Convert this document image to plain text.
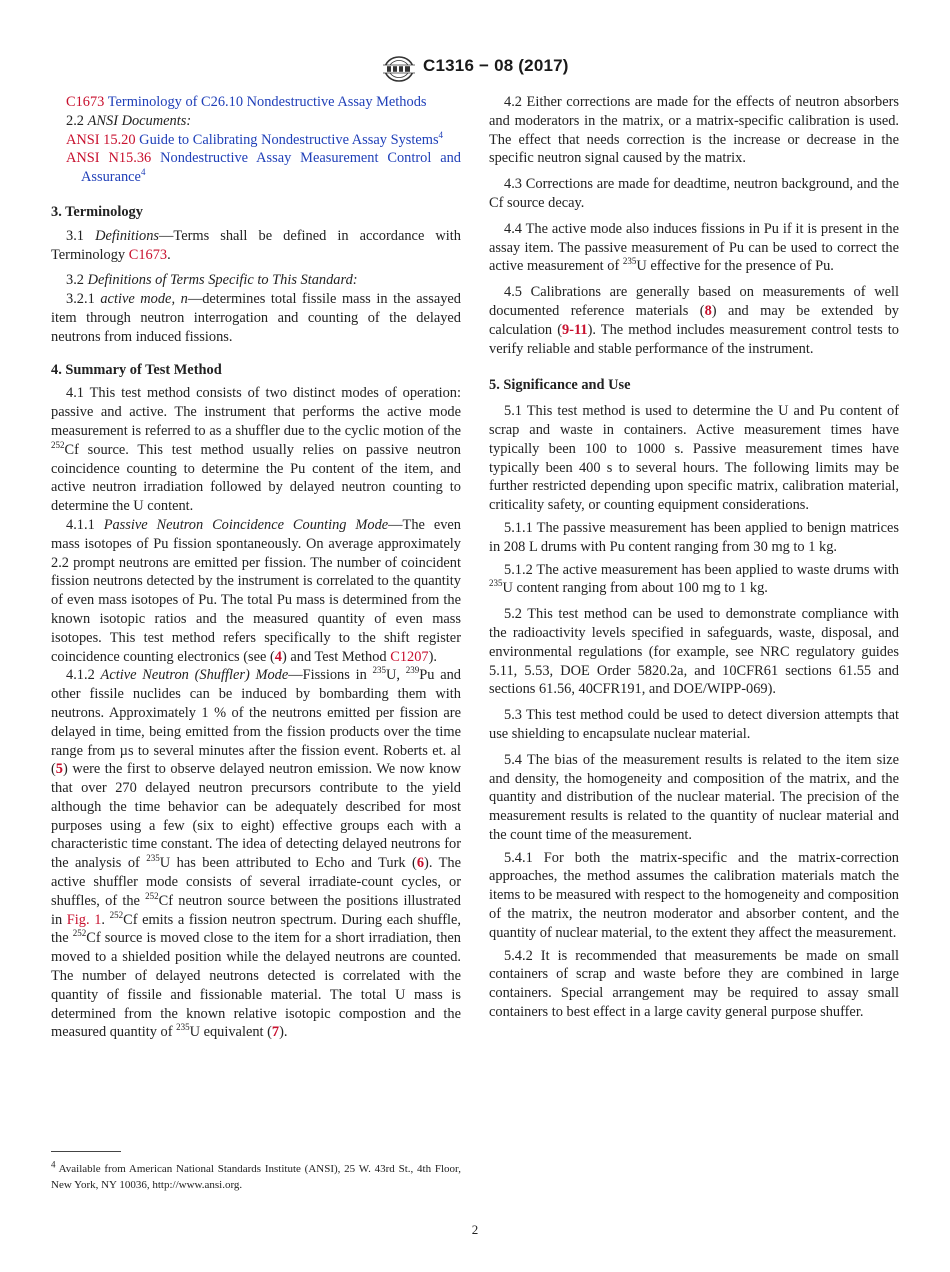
C1316 − 08 (2017)

C1673 Terminology of C26.10 Nondestructive Assay Methods

2.2 ANSI Documents:

ANSI 15.20 Guide to Calibrating Nondestructive Assay Systems$^4$

ANSI N15.36 Nondestructive Assay Measurement Control and Assurance$^4$

3. Terminology

3.1 Definitions—Terms shall be defined in accordance with Terminology C1673.

3.2 Definitions of Terms Specific to This Standard:

3.2.1 active mode, n—determines total fissile mass in the assayed item through neutron interrogation and counting of the delayed neutrons from induced fissions.

4. Summary of Test Method

4.1 This test method consists of two distinct modes of operation: passive and active. The instrument that performs the active mode measurement is referred to as a shuffler due to the cyclic motion of the $^{252}$Cf source. This test method usually relies on passive neutron coincidence counting to determine the Pu content of the item, and active neutron irradiation followed by delayed neutron counting to determine the U content.

4.1.1 Passive Neutron Coincidence Counting Mode—The even mass isotopes of Pu fission spontaneously. On average approximately 2.2 prompt neutrons are emitted per fission. The number of coincident fission neutrons detected by the instrument is correlated to the quantity of even mass isotopes of Pu. The total Pu mass is determined from the known isotopic ratios and the measured quantity of even mass isotopes. This test method refers specifically to the shift register coincidence counting electronics (see (4) and Test Method C1207).

4.1.2 Active Neutron (Shuffler) Mode—Fissions in $^{235}$U, $^{239}$Pu and other fissile nuclides can be induced by bombarding them with neutrons. Approximately 1 % of the neutrons emitted per fission are delayed in time, being emitted from the fission products over the time range from µs to several minutes after the fission event. Roberts et. al (5) were the first to observe delayed neutron emission. We now know that over 270 delayed neutron precursors contribute to the yield although the time behavior can be adequately described for most purposes using a few (six to eight) effective groups each with a characteristic time constant. The idea of detecting delayed neutrons for the analysis of $^{235}$U has been attributed to Echo and Turk (6). The active shuffler mode consists of several irradiate-count cycles, or shuffles, of the $^{252}$Cf neutron source between the positions illustrated in Fig. 1. $^{252}$Cf emits a fission neutron spectrum. During each shuffle, the $^{252}$Cf source is moved close to the item for a short irradiation, then moved to a shielded position while the delayed neutrons are counted. The number of delayed neutrons detected is correlated with the quantity of fissile and fissionable material. The total U mass is determined from the known relative isotopic compostion and the measured quantity of $^{235}$U equivalent (7).

4.2 Either corrections are made for the effects of neutron absorbers and moderators in the matrix, or a matrix-specific calibration is used. The effect that needs correction is the increase or decrease in the specific neutron signal caused by the matrix.

4.3 Corrections are made for deadtime, neutron background, and the Cf source decay.

4.4 The active mode also induces fissions in Pu if it is present in the assay item. The passive measurement of Pu can be used to correct the active measurement of $^{235}$U effective for the presence of Pu.

4.5 Calibrations are generally based on measurements of well documented reference materials (8) and may be extended by calculation (9-11). The method includes measurement control tests to verify reliable and stable performance of the instrument.

5. Significance and Use

5.1 This test method is used to determine the U and Pu content of scrap and waste in containers. Active measurement times have typically been 100 to 1000 s. Passive measurement times have typically been 400 s to several hours. The following limits may be further restricted depending upon specific matrix, calibration material, criticality safety, or counting equipment considerations.

5.1.1 The passive measurement has been applied to benign matrices in 208 L drums with Pu content ranging from 30 mg to 1 kg.

5.1.2 The active measurement has been applied to waste drums with $^{235}$U content ranging from about 100 mg to 1 kg.

5.2 This test method can be used to demonstrate compliance with the radioactivity levels specified in safeguards, waste, disposal, and environmental regulations (for example, see NRC regulatory guides 5.11, 5.53, DOE Order 5820.2a, and 10CFR61 sections 61.55 and sections 61.56, 40CFR191, and DOE/WIPP-069).

5.3 This test method could be used to detect diversion attempts that use shielding to encapsulate nuclear material.

5.4 The bias of the measurement results is related to the item size and density, the homogeneity and composition of the matrix, and the quantity and distribution of the nuclear material. The precision of the measurement results is related to the quantity of nuclear material and the count time of the measurement.

5.4.1 For both the matrix-specific and the matrix-correction approaches, the method assumes the calibration materials match the items to be measured with respect to the homogeneity and composition of the matrix, the neutron moderator and absorber content, and the quantity of nuclear material, to the extent they affect the measurement.

5.4.2 It is recommended that measurements be made on small containers of scrap and waste before they are combined in large containers. Special arrangement may be required to assay small containers to best effect in a large cavity general purpose shuffer.

$^4$ Available from American National Standards Institute (ANSI), 25 W. 43rd St., 4th Floor, New York, NY 10036, http://www.ansi.org.
2
